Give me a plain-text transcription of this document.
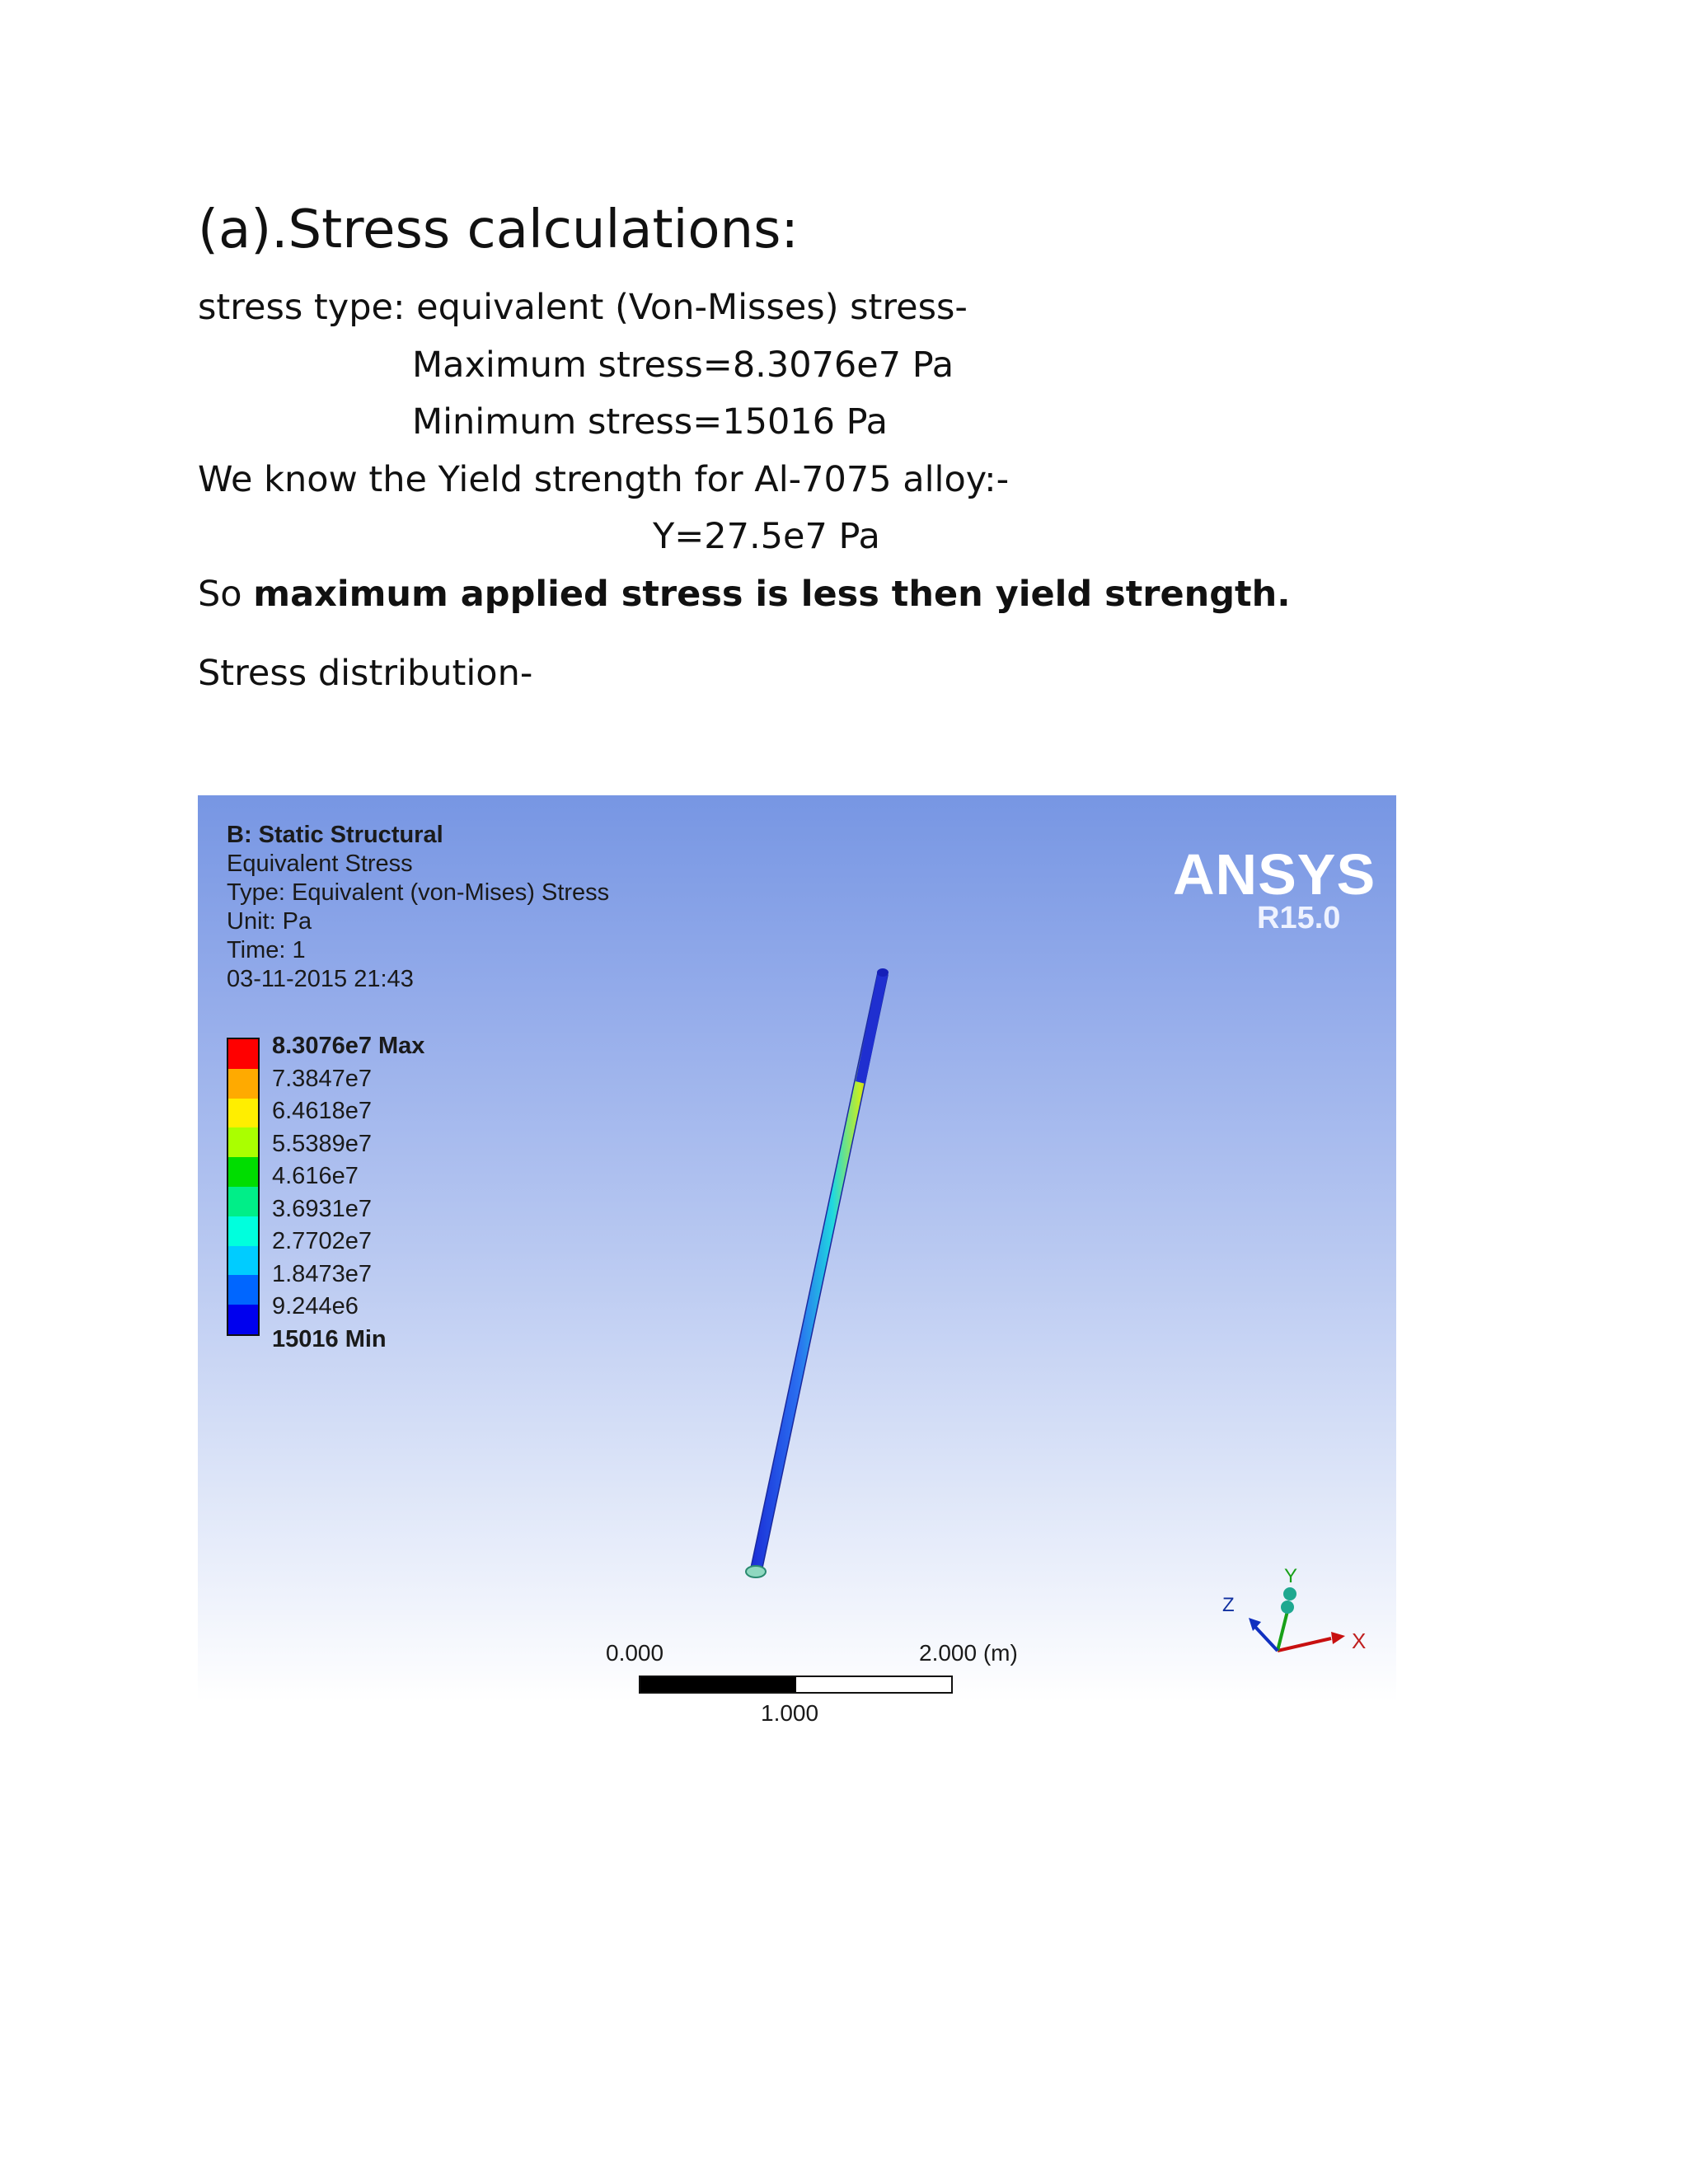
(a).Stress calculations:
stress type: equivalent (Von-Misses) stress-
Maximum stress=8.3076e7 Pa
Minimum stress=15016 Pa
We know the Yield strength for Al-7075 alloy:-
Y=27.5e7 Pa
So maximum applied stress is less then yield strength.
Stress distribution-
X
Y
Z
B: Static Structural
Equivalent Stress
Type: Equivalent (von-Mises) Stress
Unit: Pa
Time: 1
03-11-2015 21:43
8.3076e7 Max
7.3847e7
6.4618e7
5.5389e7
4.616e7
3.6931e7
2.7702e7
1.8473e7
9.244e6
15016 Min
ANSYS
R15.0
0.000	2.000 (m)
1.000
